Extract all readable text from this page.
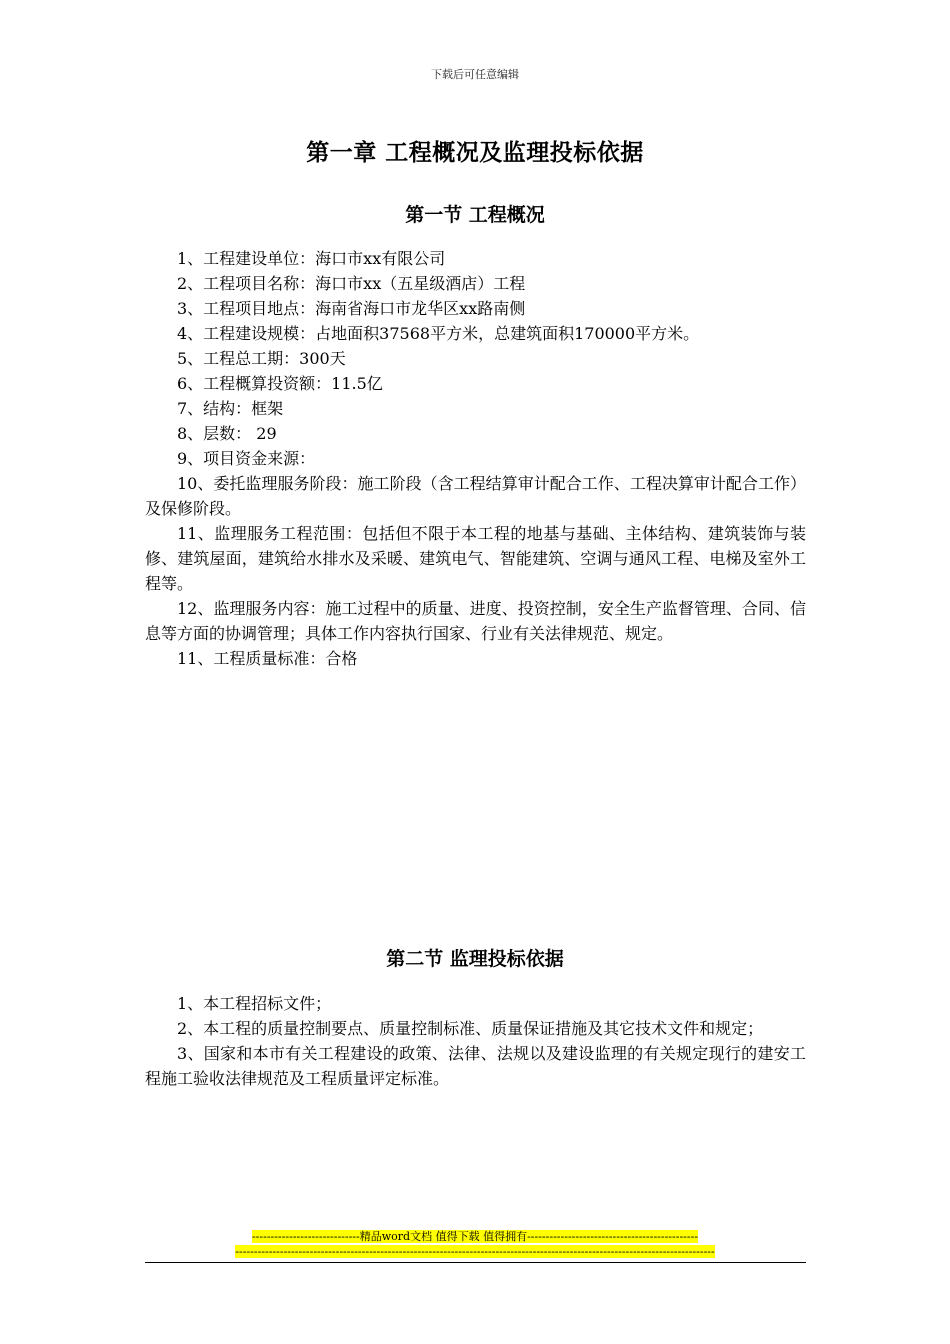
下载后可任意编辑
第一章 工程概况及监理投标依据
第一节 工程概况

1、工程建设单位：海口市xx有限公司

2、工程项目名称：海口市xx（五星级酒店）工程

3、工程项目地点：海南省海口市龙华区xx路南侧

4、工程建设规模：占地面积37568平方米，总建筑面积170000平方米。

5、工程总工期：300天

6、工程概算投资额：11.5亿

7、结构：框架

8、层数： 29

9、项目资金来源：

10、委托监理服务阶段：施工阶段（含工程结算审计配合工作、工程决算审计配合工作）及保修阶段。

11、监理服务工程范围：包括但不限于本工程的地基与基础、主体结构、建筑装饰与装修、建筑屋面，建筑给水排水及采暖、建筑电气、智能建筑、空调与通风工程、电梯及室外工程等。

12、监理服务内容：施工过程中的质量、进度、投资控制，安全生产监督管理、合同、信息等方面的协调管理；具体工作内容执行国家、行业有关法律规范、规定。

11、工程质量标准：合格

第二节 监理投标依据

1、本工程招标文件；

2、本工程的质量控制要点、质量控制标准、质量保证措施及其它技术文件和规定；

3、国家和本市有关工程建设的政策、法律、法规以及建设监理的有关规定现行的建安工程施工验收法律规范及工程质量评定标准。

-----------------------------精品word文档 值得下载 值得拥有----------------------------------------------
---------------------------------------------------------------------------------------------------------------------------------
